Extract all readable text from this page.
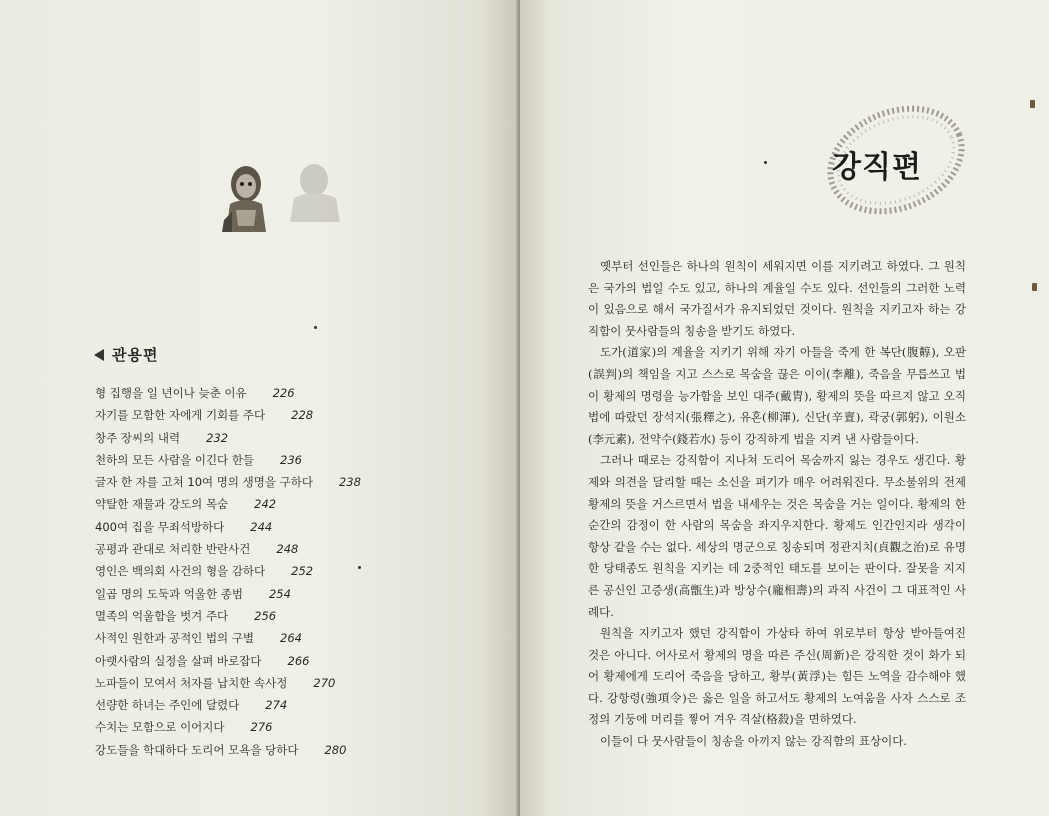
관용편
형 집행을 일 년이나 늦춘 이유 226
자기를 모함한 자에게 기회를 주다 228
창주 장씨의 내력 232
천하의 모든 사람을 이긴다 한들 236
글자 한 자를 고쳐 10여 명의 생명을 구하다 238
약탈한 재물과 강도의 목숨 242
400여 집을 무죄석방하다 244
공평과 관대로 처리한 반란사건 248
영인은 백의회 사건의 형을 감하다 252
일곱 명의 도둑과 억울한 종범 254
멸족의 억울함을 벗겨 주다 256
사적인 원한과 공적인 법의 구별 264
아랫사람의 실정을 살펴 바로잡다 266
노파들이 모여서 처자를 납치한 속사정 270
선량한 하녀는 주인에 달렸다 274
수치는 모함으로 이어지다 276
강도들을 학대하다 도리어 모욕을 당하다 280
강직편

옛부터 선인들은 하나의 원칙이 세워지면 이를 지키려고 하였다. 그 원칙은 국가의 법일 수도 있고, 하나의 계율일 수도 있다. 선인들의 그러한 노력이 있음으로 해서 국가질서가 유지되었던 것이다. 원칙을 지키고자 하는 강직함이 뭇사람들의 칭송을 받기도 하였다.

도가(道家)의 계율을 지키기 위해 자기 아들을 죽게 한 복단(腹䵍), 오판(誤判)의 책임을 지고 스스로 목숨을 끊은 이이(李離), 죽음을 무릅쓰고 법이 황제의 명령을 능가함을 보인 대주(戴胄), 황제의 뜻을 따르지 않고 오직 법에 따랐던 장석지(張釋之), 유혼(柳渾), 신단(辛亶), 곽궁(郭躬), 이원소(李元素), 전약수(錢若水) 등이 강직하게 법을 지켜 낸 사람들이다.

그러나 때로는 강직함이 지나쳐 도리어 목숨까지 잃는 경우도 생긴다. 황제와 의견을 달리할 때는 소신을 펴기가 매우 어려워진다. 무소불위의 전제황제의 뜻을 거스르면서 법을 내세우는 것은 목숨을 거는 일이다. 황제의 한 순간의 감정이 한 사람의 목숨을 좌지우지한다. 황제도 인간인지라 생각이 항상 같을 수는 없다. 세상의 명군으로 칭송되며 정관지치(貞觀之治)로 유명한 당태종도 원칙을 지키는 데 2중적인 태도를 보이는 판이다. 잘못을 지지른 공신인 고증생(高甑生)과 방상수(龐相壽)의 과직 사건이 그 대표적인 사례다.

원칙을 지키고자 했던 강직함이 가상타 하여 위로부터 항상 받아들여진 것은 아니다. 어사로서 황제의 명을 따른 주신(周新)은 강직한 것이 화가 되어 황제에게 도리어 죽음을 당하고, 황부(黃浮)는 힘든 노역을 감수해야 했다. 강항령(強項令)은 옳은 일을 하고서도 황제의 노여움을 사자 스스로 조정의 기둥에 머리를 찧어 겨우 격살(格殺)을 면하였다.

이들이 다 뭇사람들이 칭송을 아끼지 않는 강직함의 표상이다.
